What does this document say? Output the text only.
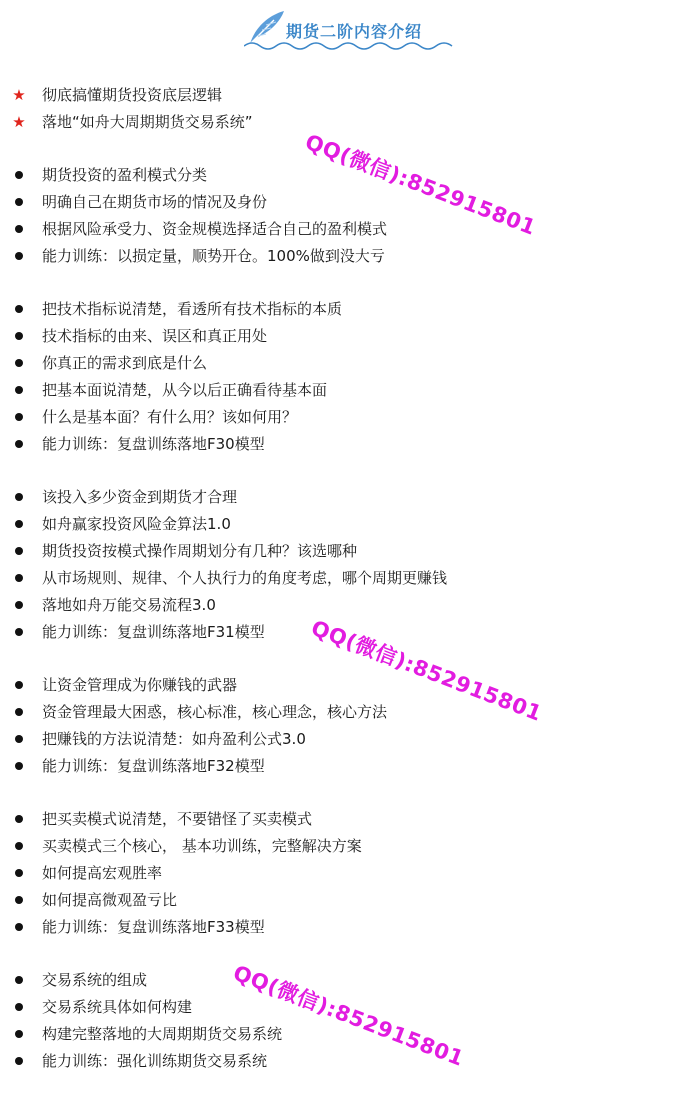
期货二阶内容介绍
★ 彻底搞懂期货投资底层逻辑
★ 落地“如舟大周期期货交易系统”
期货投资的盈利模式分类
明确自己在期货市场的情况及身份
根据风险承受力、资金规模选择适合自己的盈利模式
能力训练：以损定量，顺势开仓。100%做到没大亏
把技术指标说清楚，看透所有技术指标的本质
技术指标的由来、误区和真正用处
你真正的需求到底是什么
把基本面说清楚，从今以后正确看待基本面
什么是基本面？有什么用？该如何用？
能力训练：复盘训练落地F30模型
该投入多少资金到期货才合理
如舟赢家投资风险金算法1.0
期货投资按模式操作周期划分有几种？该选哪种
从市场规则、规律、个人执行力的角度考虑，哪个周期更赚钱
落地如舟万能交易流程3.0
能力训练：复盘训练落地F31模型
让资金管理成为你赚钱的武器
资金管理最大困惑，核心标准，核心理念，核心方法
把赚钱的方法说清楚：如舟盈利公式3.0
能力训练：复盘训练落地F32模型
把买卖模式说清楚，不要错怪了买卖模式
买卖模式三个核心， 基本功训练，完整解决方案
如何提高宏观胜率
如何提高微观盈亏比
能力训练：复盘训练落地F33模型
交易系统的组成
交易系统具体如何构建
构建完整落地的大周期期货交易系统
能力训练：强化训练期货交易系统
QQ(微信):852915801
QQ(微信):852915801
QQ(微信):852915801
